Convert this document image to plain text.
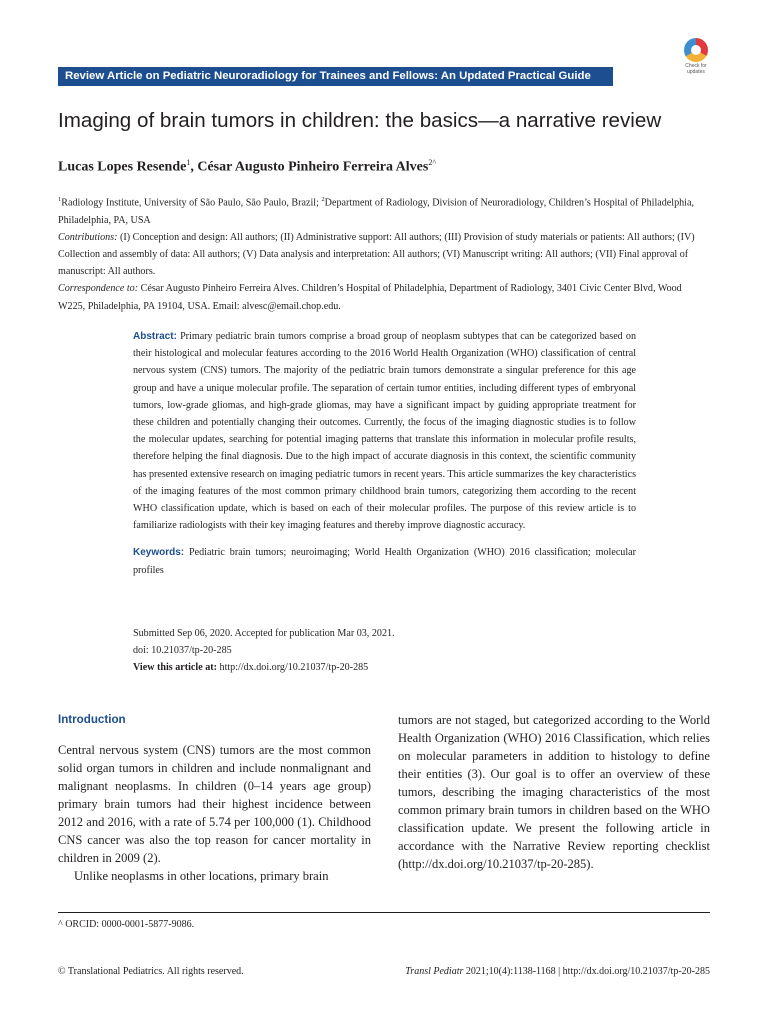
Review Article on Pediatric Neuroradiology for Trainees and Fellows: An Updated Practical Guide
Check for
updates
Imaging of brain tumors in children: the basics—a narrative review
Lucas Lopes Resende$^1$, César Augusto Pinheiro Ferreira Alves$^{2\^{}}$

$^1$Radiology Institute, University of São Paulo, São Paulo, Brazil; $^2$Department of Radiology, Division of Neuroradiology, Children’s Hospital of Philadelphia, Philadelphia, PA, USA

Contributions: (I) Conception and design: All authors; (II) Administrative support: All authors; (III) Provision of study materials or patients: All authors; (IV) Collection and assembly of data: All authors; (V) Data analysis and interpretation: All authors; (VI) Manuscript writing: All authors; (VII) Final approval of manuscript: All authors.

Correspondence to: César Augusto Pinheiro Ferreira Alves. Children’s Hospital of Philadelphia, Department of Radiology, 3401 Civic Center Blvd, Wood W225, Philadelphia, PA 19104, USA. Email: alvesc@email.chop.edu.

Abstract: Primary pediatric brain tumors comprise a broad group of neoplasm subtypes that can be categorized based on their histological and molecular features according to the 2016 World Health Organization (WHO) classification of central nervous system (CNS) tumors. The majority of the pediatric brain tumors demonstrate a singular preference for this age group and have a unique molecular profile. The separation of certain tumor entities, including different types of embryonal tumors, low-grade gliomas, and high-grade gliomas, may have a significant impact by guiding appropriate treatment for these children and potentially changing their outcomes. Currently, the focus of the imaging diagnostic studies is to follow the molecular updates, searching for potential imaging patterns that translate this information in molecular profile results, therefore helping the final diagnosis. Due to the high impact of accurate diagnosis in this context, the scientific community has presented extensive research on imaging pediatric tumors in recent years. This article summarizes the key characteristics of the imaging features of the most common primary childhood brain tumors, categorizing them according to the recent WHO classification update, which is based on each of their molecular profiles. The purpose of this review article is to familiarize radiologists with their key imaging features and thereby improve diagnostic accuracy.

Keywords: Pediatric brain tumors; neuroimaging; World Health Organization (WHO) 2016 classification; molecular profiles

Submitted Sep 06, 2020. Accepted for publication Mar 03, 2021.
doi: 10.21037/tp-20-285
View this article at: http://dx.doi.org/10.21037/tp-20-285
Introduction

Central nervous system (CNS) tumors are the most common solid organ tumors in children and include nonmalignant and malignant neoplasms. In children (0–14 years age group) primary brain tumors had their highest incidence between 2012 and 2016, with a rate of 5.74 per 100,000 (1). Childhood CNS cancer was also the top reason for cancer mortality in children in 2009 (2).

Unlike neoplasms in other locations, primary brain

tumors are not staged, but categorized according to the World Health Organization (WHO) 2016 Classification, which relies on molecular parameters in addition to histology to define their entities (3). Our goal is to offer an overview of these tumors, describing the imaging characteristics of the most common primary brain tumors in children based on the WHO classification update. We present the following article in accordance with the Narrative Review reporting checklist (http://dx.doi.org/10.21037/tp-20-285).

^ ORCID: 0000-0001-5877-9086.
© Translational Pediatrics. All rights reserved.	Transl Pediatr 2021;10(4):1138-1168 | http://dx.doi.org/10.21037/tp-20-285
